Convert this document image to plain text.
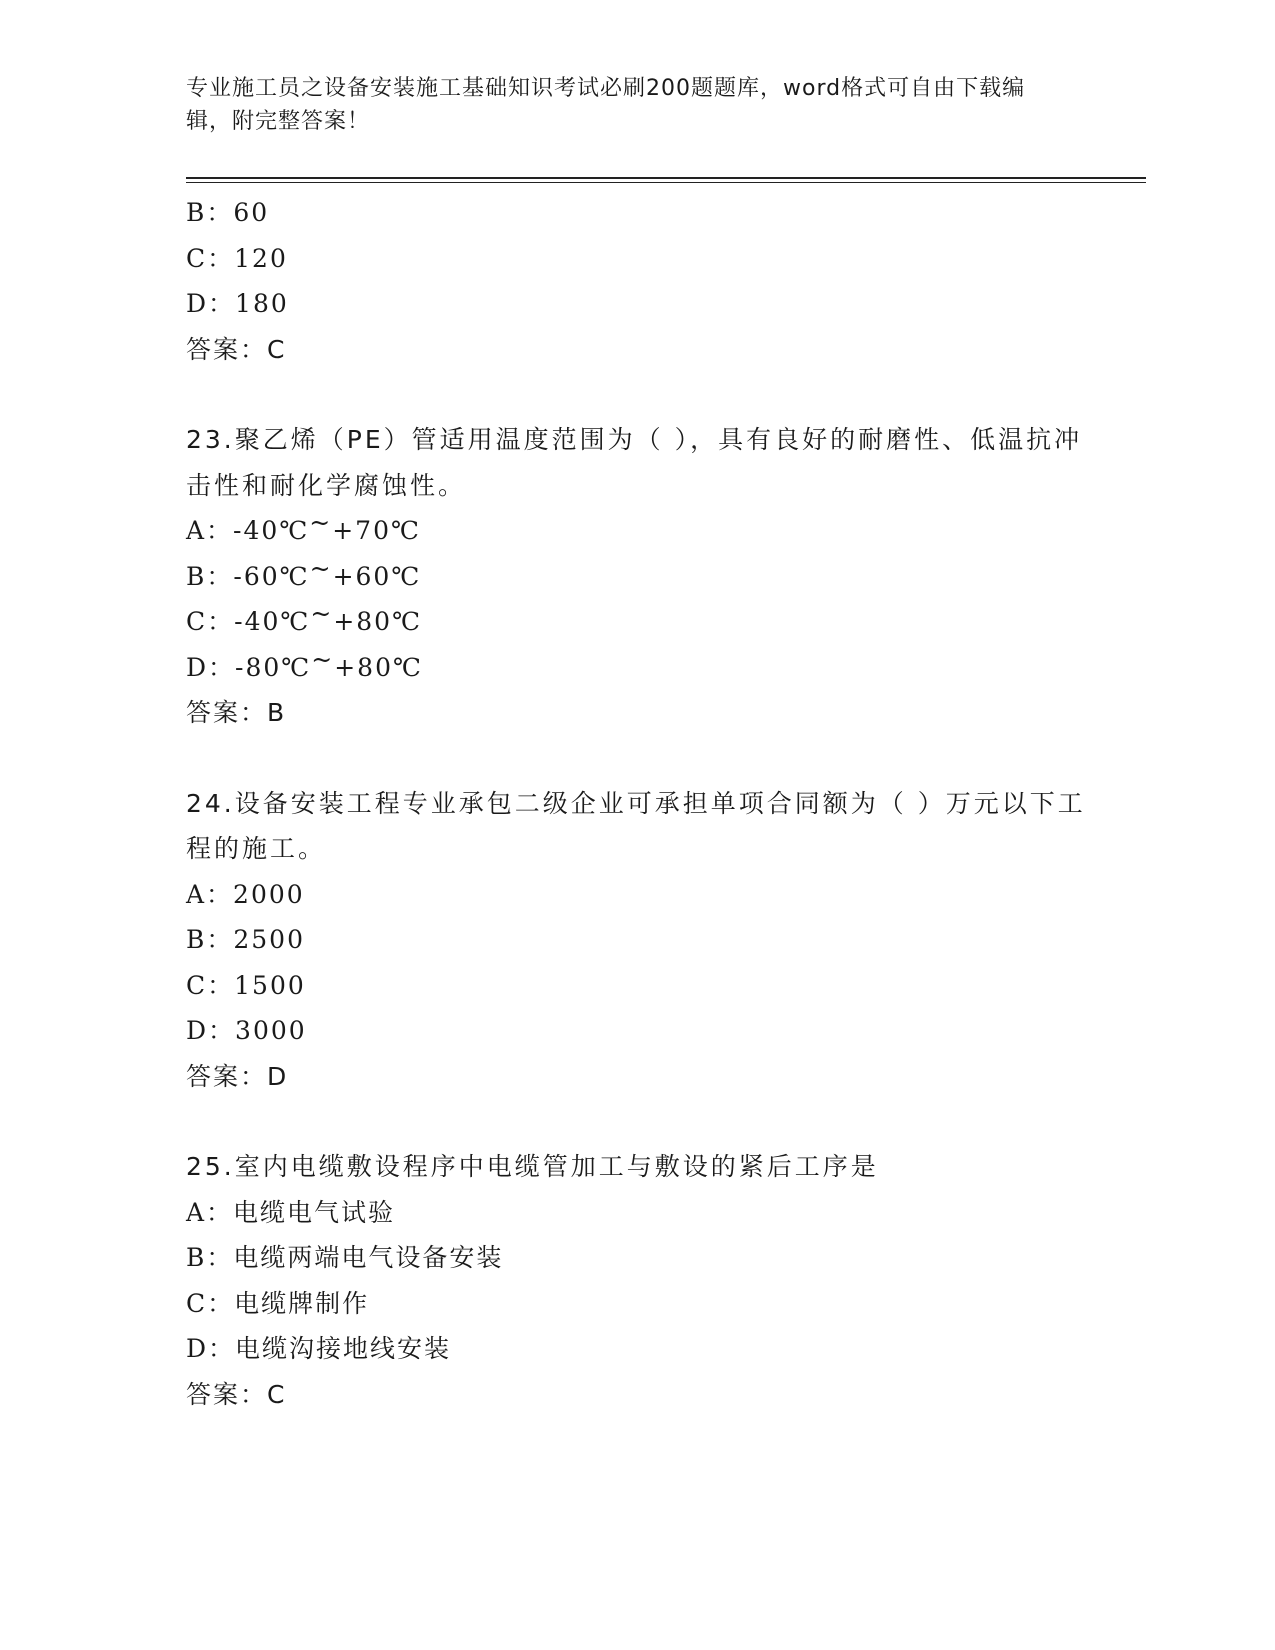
专业施工员之设备安装施工基础知识考试必刷200题题库，word格式可自由下载编辑，附完整答案！
B：60
C：120
D：180
答案：C
23.聚乙烯（PE）管适用温度范围为（ ），具有良好的耐磨性、低温抗冲击性和耐化学腐蚀性。
A：-40℃~+70℃
B：-60℃~+60℃
C：-40℃~+80℃
D：-80℃~+80℃
答案：B
24.设备安装工程专业承包二级企业可承担单项合同额为（ ）万元以下工程的施工。
A：2000
B：2500
C：1500
D：3000
答案：D
25.室内电缆敷设程序中电缆管加工与敷设的紧后工序是
A：电缆电气试验
B：电缆两端电气设备安装
C：电缆牌制作
D：电缆沟接地线安装
答案：C
